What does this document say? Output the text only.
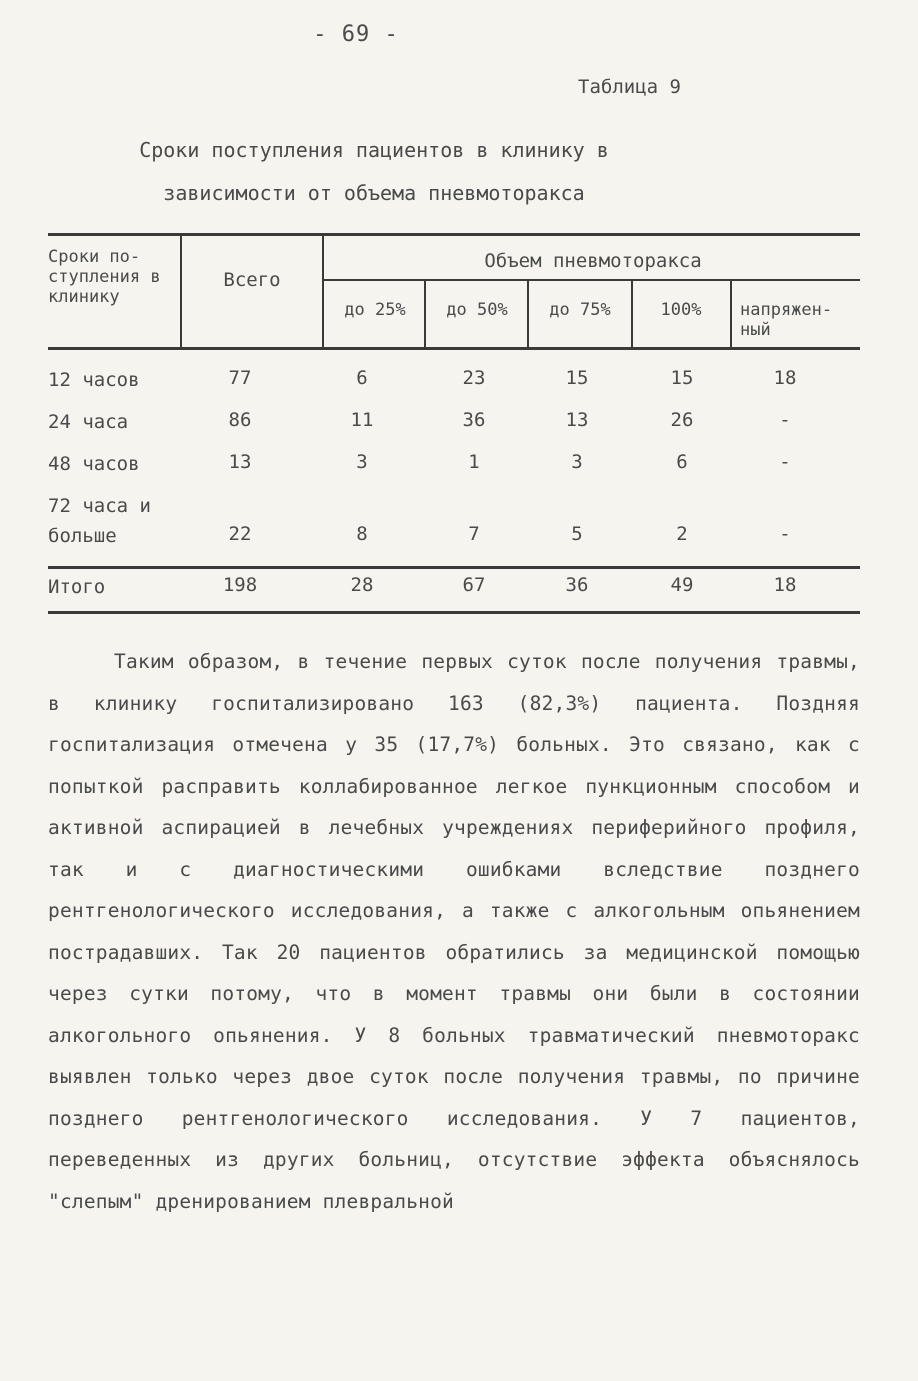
- 69 -
Таблица 9
Сроки поступления пациентов в клинику в
зависимости от объема пневмоторакса
Сроки по- ступления в клинику
Всего
Объем пневмоторакса
до 25%	до 50%	до 75%	100%	напряжен- ный
12 часов	77	6	23	15	15	18
24 часа	86	11	36	13	26	-
48 часов	13	3	1	3	6	-
72 часа и больше	22	8	7	5	2	-
Итого	198	28	67	36	49	18

Таким образом, в течение первых суток после получения травмы, в клинику госпитализировано 163 (82,3%) пациента. Поздняя госпитализация отмечена у 35 (17,7%) больных. Это связано, как с попыткой расправить коллабированное легкое пункционным способом и активной аспирацией в лечебных учреждениях периферийного профиля, так и с диагностическими ошибками вследствие позднего рентгенологического исследования, а также с алкогольным опьянением пострадавших. Так 20 пациентов обратились за медицинской помощью через сутки потому, что в момент травмы они были в состоянии алкогольного опьянения. У 8 больных травматический пневмоторакс выявлен только через двое суток после получения травмы, по причине позднего рентгенологического исследования. У 7 пациентов, переведенных из других больниц, отсутствие эффекта объяснялось "слепым" дренированием плевральной
